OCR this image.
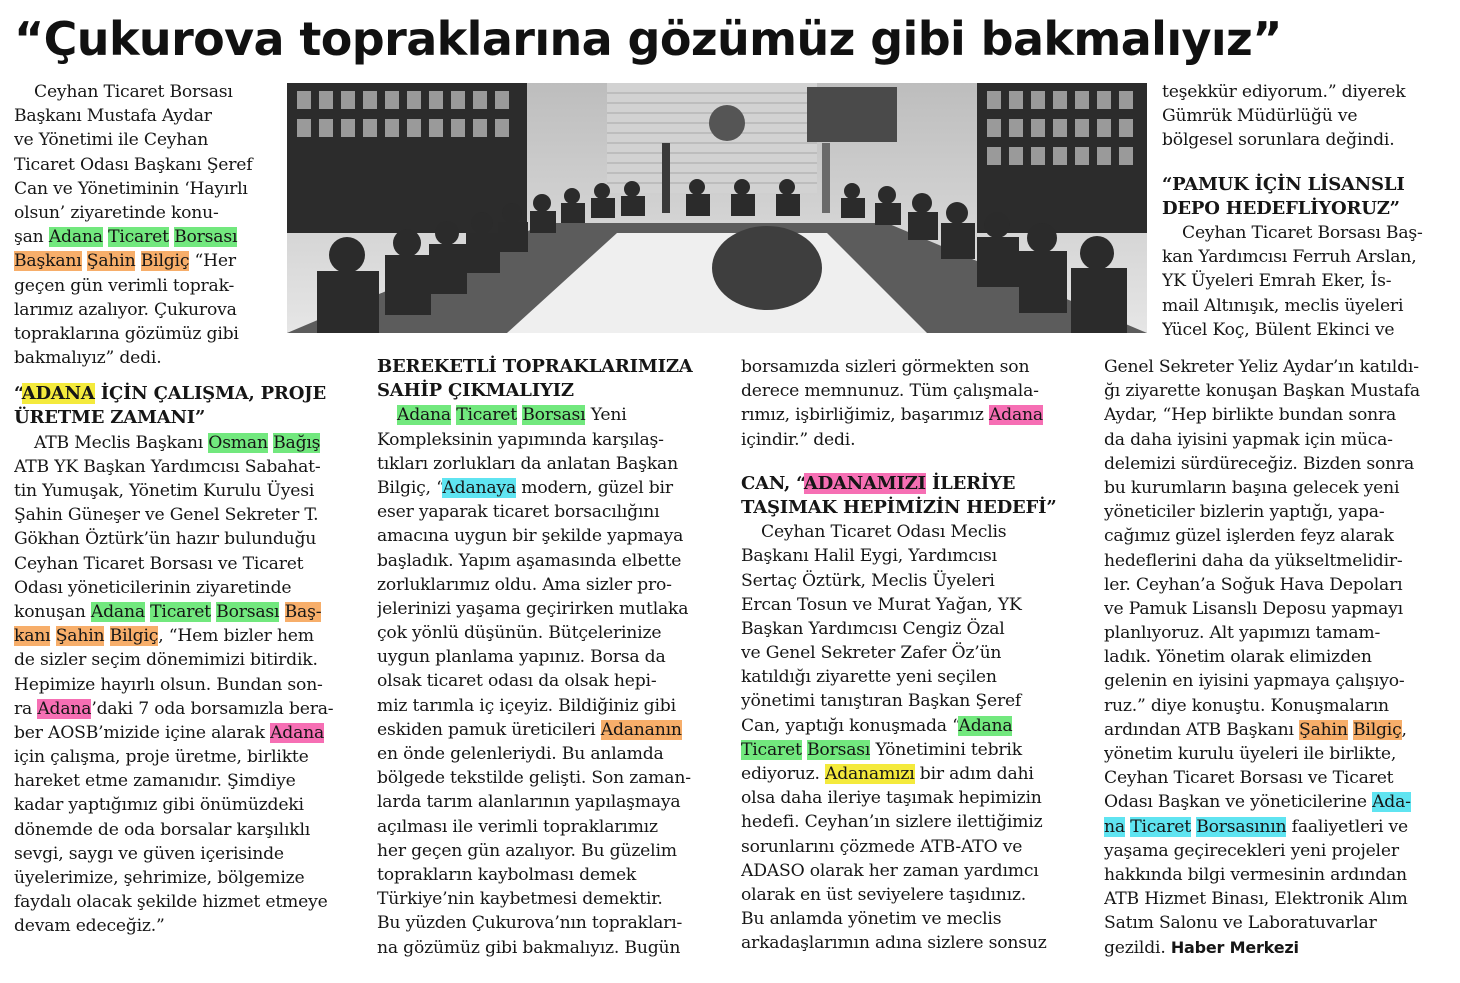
“Çukurova topraklarına gözümüz gibi bakmalıyız”
Ceyhan Ticaret Borsası
Başkanı Mustafa Aydar
ve Yönetimi ile Ceyhan
Ticaret Odası Başkanı Şeref
Can ve Yönetiminin ‘Hayırlı
olsun’ ziyaretinde konu-
şan Adana Ticaret Borsası
Başkanı Şahin Bilgiç “Her
geçen gün verimli toprak-
larımız azalıyor. Çukurova
topraklarına gözümüz gibi
bakmalıyız” dedi.
“ADANA İÇİN ÇALIŞMA, PROJE
ÜRETME ZAMANI”
ATB Meclis Başkanı Osman Bağış
ATB YK Başkan Yardımcısı Sabahat-
tin Yumuşak, Yönetim Kurulu Üyesi
Şahin Güneşer ve Genel Sekreter T.
Gökhan Öztürk’ün hazır bulunduğu
Ceyhan Ticaret Borsası ve Ticaret
Odası yöneticilerinin ziyaretinde
konuşan Adana Ticaret Borsası Baş-
kanı Şahin Bilgiç, “Hem bizler hem
de sizler seçim dönemimizi bitirdik.
Hepimize hayırlı olsun. Bundan son-
ra Adana’daki 7 oda borsamızla bera-
ber AOSB’mizide içine alarak Adana
için çalışma, proje üretme, birlikte
hareket etme zamanıdır. Şimdiye
kadar yaptığımız gibi önümüzdeki
dönemde de oda borsalar karşılıklı
sevgi, saygı ve güven içerisinde
üyelerimize, şehrimize, bölgemize
faydalı olacak şekilde hizmet etmeye
devam edeceğiz.”
BEREKETLİ TOPRAKLARIMIZA
SAHİP ÇIKMALIYIZ
Adana Ticaret Borsası Yeni
Kompleksinin yapımında karşılaş-
tıkları zorlukları da anlatan Başkan
Bilgiç, “Adanaya modern, güzel bir
eser yaparak ticaret borsacılığını
amacına uygun bir şekilde yapmaya
başladık. Yapım aşamasında elbette
zorluklarımız oldu. Ama sizler pro-
jelerinizi yaşama geçirirken mutlaka
çok yönlü düşünün. Bütçelerinize
uygun planlama yapınız. Borsa da
olsak ticaret odası da olsak hepi-
miz tarımla iç içeyiz. Bildiğiniz gibi
eskiden pamuk üreticileri Adananın
en önde gelenleriydi. Bu anlamda
bölgede tekstilde gelişti. Son zaman-
larda tarım alanlarının yapılaşmaya
açılması ile verimli topraklarımız
her geçen gün azalıyor. Bu güzelim
toprakların kaybolması demek
Türkiye’nin kaybetmesi demektir.
Bu yüzden Çukurova’nın toprakları-
na gözümüz gibi bakmalıyız. Bugün
borsamızda sizleri görmekten son
derece memnunuz. Tüm çalışmala-
rımız, işbirliğimiz, başarımız Adana
içindir.” dedi.
CAN, “ADANAMIZI İLERİYE
TAŞIMAK HEPİMİZİN HEDEFİ”
Ceyhan Ticaret Odası Meclis
Başkanı Halil Eygi, Yardımcısı
Sertaç Öztürk, Meclis Üyeleri
Ercan Tosun ve Murat Yağan, YK
Başkan Yardımcısı Cengiz Özal
ve Genel Sekreter Zafer Öz’ün
katıldığı ziyarette yeni seçilen
yönetimi tanıştıran Başkan Şeref
Can, yaptığı konuşmada “Adana
Ticaret Borsası Yönetimini tebrik
ediyoruz. Adanamızı bir adım dahi
olsa daha ileriye taşımak hepimizin
hedefi. Ceyhan’ın sizlere ilettiğimiz
sorunlarını çözmede ATB-ATO ve
ADASO olarak her zaman yardımcı
olarak en üst seviyelere taşıdınız.
Bu anlamda yönetim ve meclis
arkadaşlarımın adına sizlere sonsuz
teşekkür ediyorum.” diyerek
Gümrük Müdürlüğü ve
bölgesel sorunlara değindi.
“PAMUK İÇİN LİSANSLI
DEPO HEDEFLİYORUZ”
Ceyhan Ticaret Borsası Baş-
kan Yardımcısı Ferruh Arslan,
YK Üyeleri Emrah Eker, İs-
mail Altınışık, meclis üyeleri
Yücel Koç, Bülent Ekinci ve
Genel Sekreter Yeliz Aydar’ın katıldı-
ğı ziyarette konuşan Başkan Mustafa
Aydar, “Hep birlikte bundan sonra
da daha iyisini yapmak için müca-
delemizi sürdüreceğiz. Bizden sonra
bu kurumların başına gelecek yeni
yöneticiler bizlerin yaptığı, yapa-
cağımız güzel işlerden feyz alarak
hedeflerini daha da yükseltmelidir-
ler. Ceyhan’a Soğuk Hava Depoları
ve Pamuk Lisanslı Deposu yapmayı
planlıyoruz. Alt yapımızı tamam-
ladık. Yönetim olarak elimizden
gelenin en iyisini yapmaya çalışıyo-
ruz.” diye konuştu. Konuşmaların
ardından ATB Başkanı Şahin Bilgiç,
yönetim kurulu üyeleri ile birlikte,
Ceyhan Ticaret Borsası ve Ticaret
Odası Başkan ve yöneticilerine Ada-
na Ticaret Borsasının faaliyetleri ve
yaşama geçirecekleri yeni projeler
hakkında bilgi vermesinin ardından
ATB Hizmet Binası, Elektronik Alım
Satım Salonu ve Laboratuvarlar
gezildi. Haber Merkezi
